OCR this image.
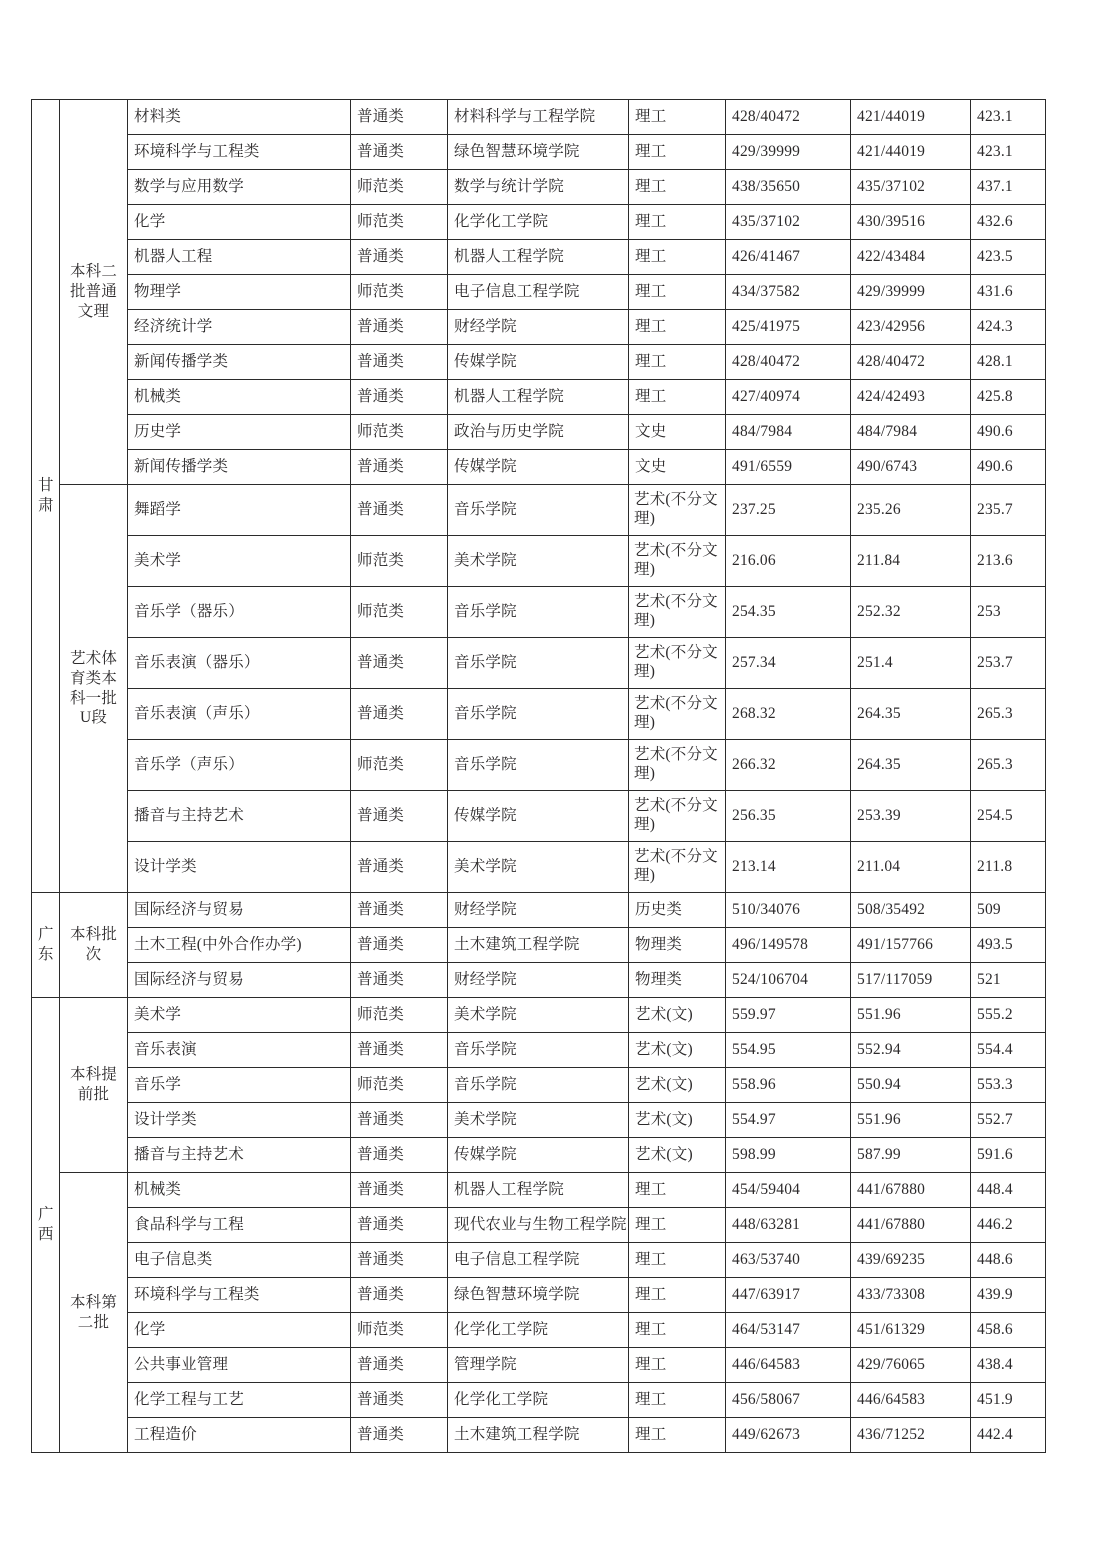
甘肃	本科二批普通文理	材料类	普通类	材料科学与工程学院	理工	428/40472	421/44019	423.1
		环境科学与工程类	普通类	绿色智慧环境学院	理工	429/39999	421/44019	423.1
		数学与应用数学	师范类	数学与统计学院	理工	438/35650	435/37102	437.1
		化学	师范类	化学化工学院	理工	435/37102	430/39516	432.6
		机器人工程	普通类	机器人工程学院	理工	426/41467	422/43484	423.5
		物理学	师范类	电子信息工程学院	理工	434/37582	429/39999	431.6
		经济统计学	普通类	财经学院	理工	425/41975	423/42956	424.3
		新闻传播学类	普通类	传媒学院	理工	428/40472	428/40472	428.1
		机械类	普通类	机器人工程学院	理工	427/40974	424/42493	425.8
		历史学	师范类	政治与历史学院	文史	484/7984	484/7984	490.6
		新闻传播学类	普通类	传媒学院	文史	491/6559	490/6743	490.6
	艺术体育类本科一批U段	舞蹈学	普通类	音乐学院	艺术(不分文理)	237.25	235.26	235.7
		美术学	师范类	美术学院	艺术(不分文理)	216.06	211.84	213.6
		音乐学（器乐）	师范类	音乐学院	艺术(不分文理)	254.35	252.32	253
		音乐表演（器乐）	普通类	音乐学院	艺术(不分文理)	257.34	251.4	253.7
		音乐表演（声乐）	普通类	音乐学院	艺术(不分文理)	268.32	264.35	265.3
		音乐学（声乐）	师范类	音乐学院	艺术(不分文理)	266.32	264.35	265.3
		播音与主持艺术	普通类	传媒学院	艺术(不分文理)	256.35	253.39	254.5
		设计学类	普通类	美术学院	艺术(不分文理)	213.14	211.04	211.8
广东	本科批次	国际经济与贸易	普通类	财经学院	历史类	510/34076	508/35492	509
		土木工程(中外合作办学)	普通类	土木建筑工程学院	物理类	496/149578	491/157766	493.5
		国际经济与贸易	普通类	财经学院	物理类	524/106704	517/117059	521
广西	本科提前批	美术学	师范类	美术学院	艺术(文)	559.97	551.96	555.2
		音乐表演	普通类	音乐学院	艺术(文)	554.95	552.94	554.4
		音乐学	师范类	音乐学院	艺术(文)	558.96	550.94	553.3
		设计学类	普通类	美术学院	艺术(文)	554.97	551.96	552.7
		播音与主持艺术	普通类	传媒学院	艺术(文)	598.99	587.99	591.6
	本科第二批	机械类	普通类	机器人工程学院	理工	454/59404	441/67880	448.4
		食品科学与工程	普通类	现代农业与生物工程学院	理工	448/63281	441/67880	446.2
		电子信息类	普通类	电子信息工程学院	理工	463/53740	439/69235	448.6
		环境科学与工程类	普通类	绿色智慧环境学院	理工	447/63917	433/73308	439.9
		化学	师范类	化学化工学院	理工	464/53147	451/61329	458.6
		公共事业管理	普通类	管理学院	理工	446/64583	429/76065	438.4
		化学工程与工艺	普通类	化学化工学院	理工	456/58067	446/64583	451.9
		工程造价	普通类	土木建筑工程学院	理工	449/62673	436/71252	442.4
